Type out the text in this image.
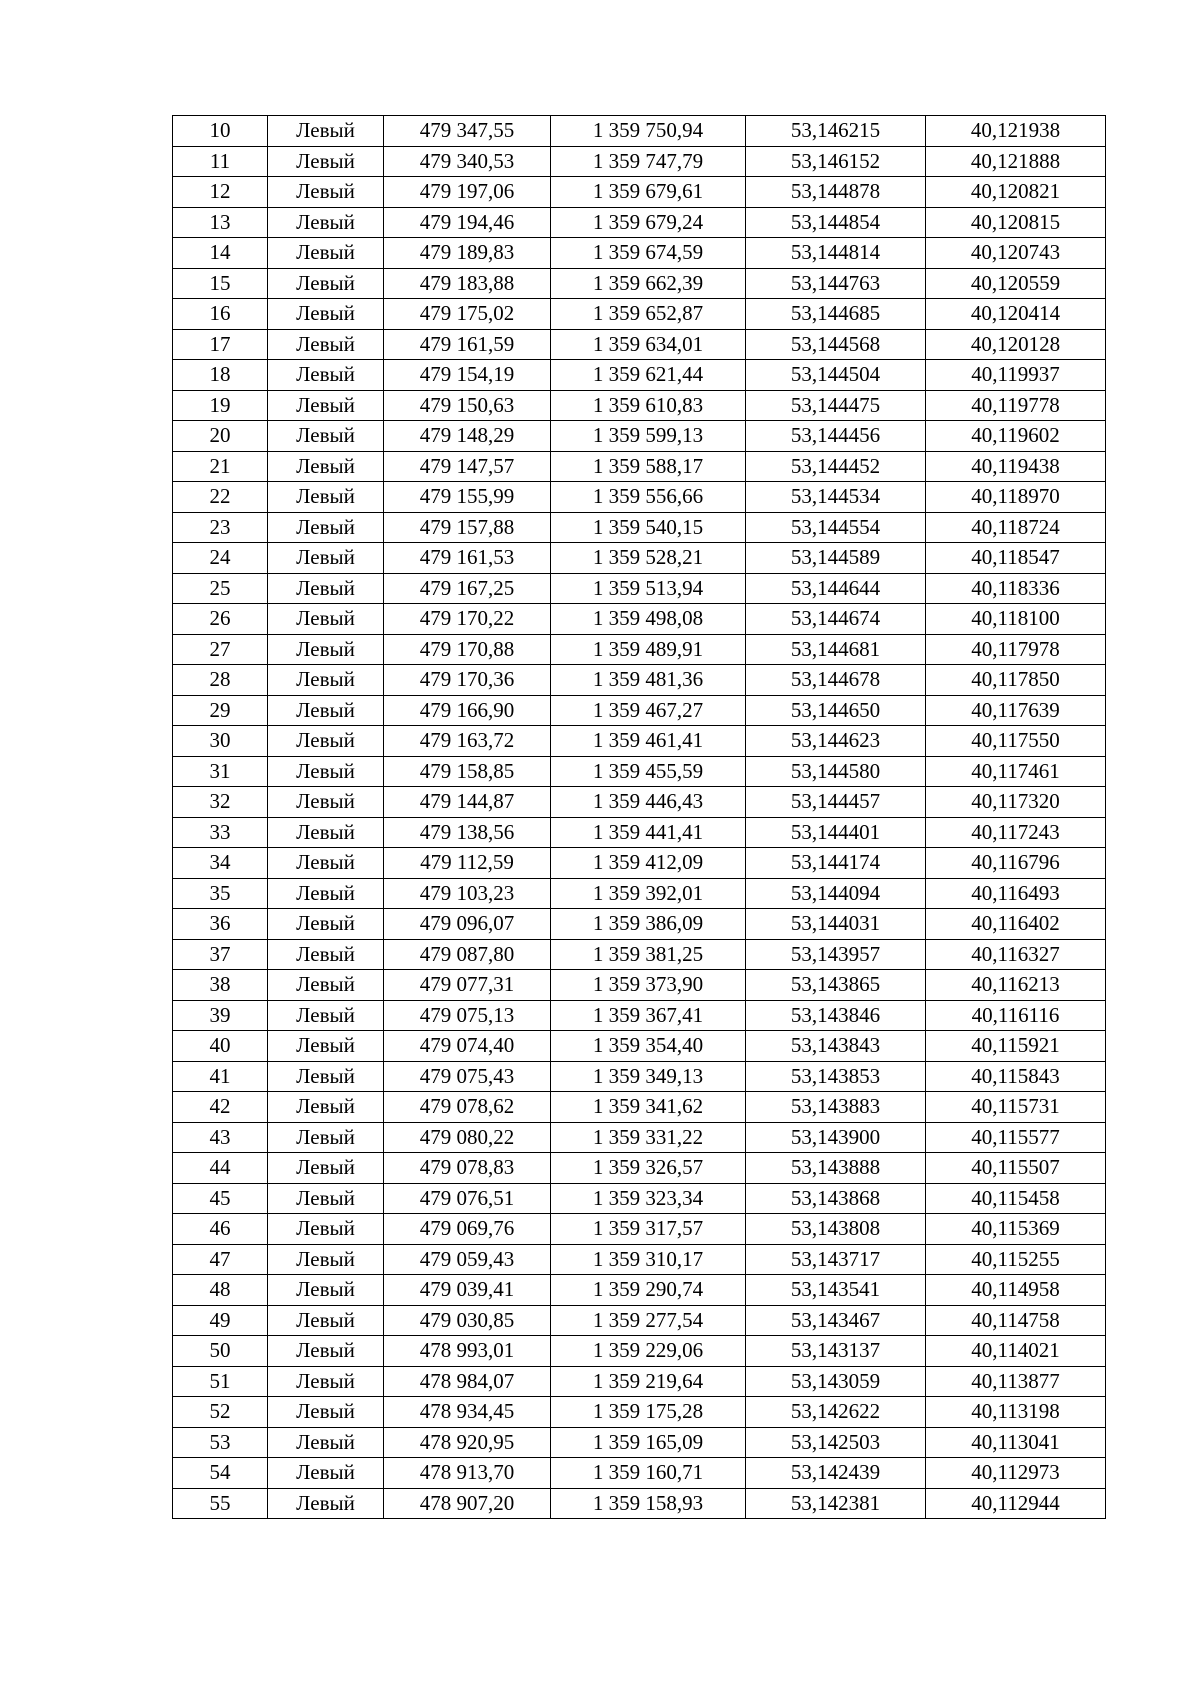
10	Левый	479 347,55	1 359 750,94	53,146215	40,121938
11	Левый	479 340,53	1 359 747,79	53,146152	40,121888
12	Левый	479 197,06	1 359 679,61	53,144878	40,120821
13	Левый	479 194,46	1 359 679,24	53,144854	40,120815
14	Левый	479 189,83	1 359 674,59	53,144814	40,120743
15	Левый	479 183,88	1 359 662,39	53,144763	40,120559
16	Левый	479 175,02	1 359 652,87	53,144685	40,120414
17	Левый	479 161,59	1 359 634,01	53,144568	40,120128
18	Левый	479 154,19	1 359 621,44	53,144504	40,119937
19	Левый	479 150,63	1 359 610,83	53,144475	40,119778
20	Левый	479 148,29	1 359 599,13	53,144456	40,119602
21	Левый	479 147,57	1 359 588,17	53,144452	40,119438
22	Левый	479 155,99	1 359 556,66	53,144534	40,118970
23	Левый	479 157,88	1 359 540,15	53,144554	40,118724
24	Левый	479 161,53	1 359 528,21	53,144589	40,118547
25	Левый	479 167,25	1 359 513,94	53,144644	40,118336
26	Левый	479 170,22	1 359 498,08	53,144674	40,118100
27	Левый	479 170,88	1 359 489,91	53,144681	40,117978
28	Левый	479 170,36	1 359 481,36	53,144678	40,117850
29	Левый	479 166,90	1 359 467,27	53,144650	40,117639
30	Левый	479 163,72	1 359 461,41	53,144623	40,117550
31	Левый	479 158,85	1 359 455,59	53,144580	40,117461
32	Левый	479 144,87	1 359 446,43	53,144457	40,117320
33	Левый	479 138,56	1 359 441,41	53,144401	40,117243
34	Левый	479 112,59	1 359 412,09	53,144174	40,116796
35	Левый	479 103,23	1 359 392,01	53,144094	40,116493
36	Левый	479 096,07	1 359 386,09	53,144031	40,116402
37	Левый	479 087,80	1 359 381,25	53,143957	40,116327
38	Левый	479 077,31	1 359 373,90	53,143865	40,116213
39	Левый	479 075,13	1 359 367,41	53,143846	40,116116
40	Левый	479 074,40	1 359 354,40	53,143843	40,115921
41	Левый	479 075,43	1 359 349,13	53,143853	40,115843
42	Левый	479 078,62	1 359 341,62	53,143883	40,115731
43	Левый	479 080,22	1 359 331,22	53,143900	40,115577
44	Левый	479 078,83	1 359 326,57	53,143888	40,115507
45	Левый	479 076,51	1 359 323,34	53,143868	40,115458
46	Левый	479 069,76	1 359 317,57	53,143808	40,115369
47	Левый	479 059,43	1 359 310,17	53,143717	40,115255
48	Левый	479 039,41	1 359 290,74	53,143541	40,114958
49	Левый	479 030,85	1 359 277,54	53,143467	40,114758
50	Левый	478 993,01	1 359 229,06	53,143137	40,114021
51	Левый	478 984,07	1 359 219,64	53,143059	40,113877
52	Левый	478 934,45	1 359 175,28	53,142622	40,113198
53	Левый	478 920,95	1 359 165,09	53,142503	40,113041
54	Левый	478 913,70	1 359 160,71	53,142439	40,112973
55	Левый	478 907,20	1 359 158,93	53,142381	40,112944
